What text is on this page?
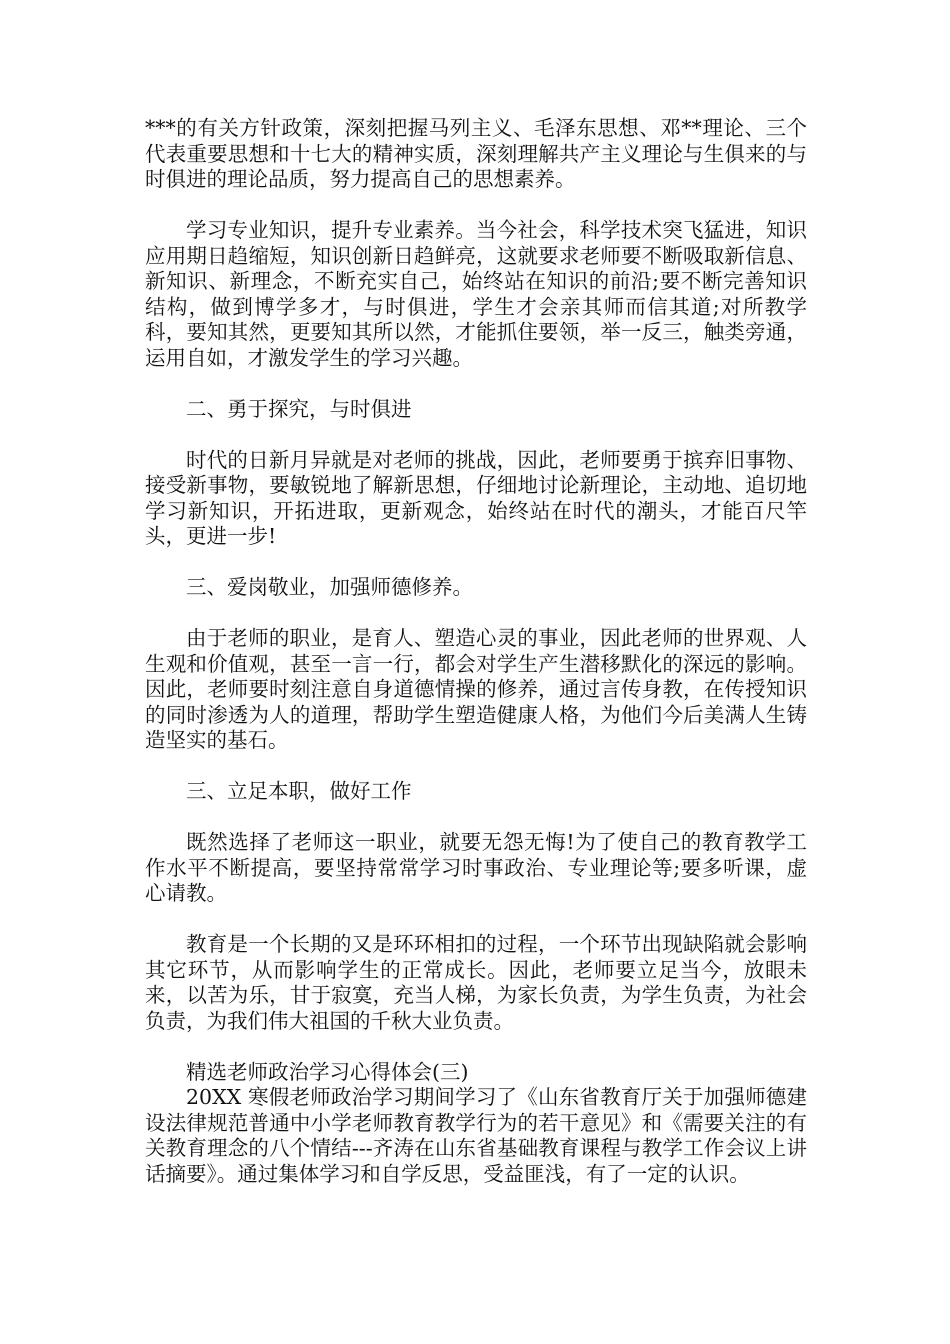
***的有关方针政策，深刻把握马列主义、毛泽东思想、邓**理论、三个代表重要思想和十七大的精神实质，深刻理解共产主义理论与生俱来的与时俱进的理论品质，努力提高自己的思想素养。

学习专业知识，提升专业素养。当今社会，科学技术突飞猛进，知识应用期日趋缩短，知识创新日趋鲜亮，这就要求老师要不断吸取新信息、新知识、新理念，不断充实自己，始终站在知识的前沿;要不断完善知识结构，做到博学多才，与时俱进，学生才会亲其师而信其道;对所教学科，要知其然，更要知其所以然，才能抓住要领，举一反三，触类旁通，运用自如，才激发学生的学习兴趣。

二、勇于探究，与时俱进

时代的日新月异就是对老师的挑战，因此，老师要勇于摈弃旧事物、接受新事物，要敏锐地了解新思想，仔细地讨论新理论，主动地、追切地学习新知识，开拓进取，更新观念，始终站在时代的潮头，才能百尺竿头，更进一步!

三、爱岗敬业，加强师德修养。

由于老师的职业，是育人、塑造心灵的事业，因此老师的世界观、人生观和价值观，甚至一言一行，都会对学生产生潜移默化的深远的影响。因此，老师要时刻注意自身道德情操的修养，通过言传身教，在传授知识的同时渗透为人的道理，帮助学生塑造健康人格，为他们今后美满人生铸造坚实的基石。

三、立足本职，做好工作

既然选择了老师这一职业，就要无怨无悔!为了使自己的教育教学工作水平不断提高，要坚持常常学习时事政治、专业理论等;要多听课，虚心请教。

教育是一个长期的又是环环相扣的过程，一个环节出现缺陷就会影响其它环节，从而影响学生的正常成长。因此，老师要立足当今，放眼未来，以苦为乐，甘于寂寞，充当人梯，为家长负责，为学生负责，为社会负责，为我们伟大祖国的千秋大业负责。

精选老师政治学习心得体会(三)

20XX 寒假老师政治学习期间学习了《山东省教育厅关于加强师德建设法律规范普通中小学老师教育教学行为的若干意见》和《需要关注的有关教育理念的八个情结---齐涛在山东省基础教育课程与教学工作会议上讲话摘要》。通过集体学习和自学反思，受益匪浅，有了一定的认识。
